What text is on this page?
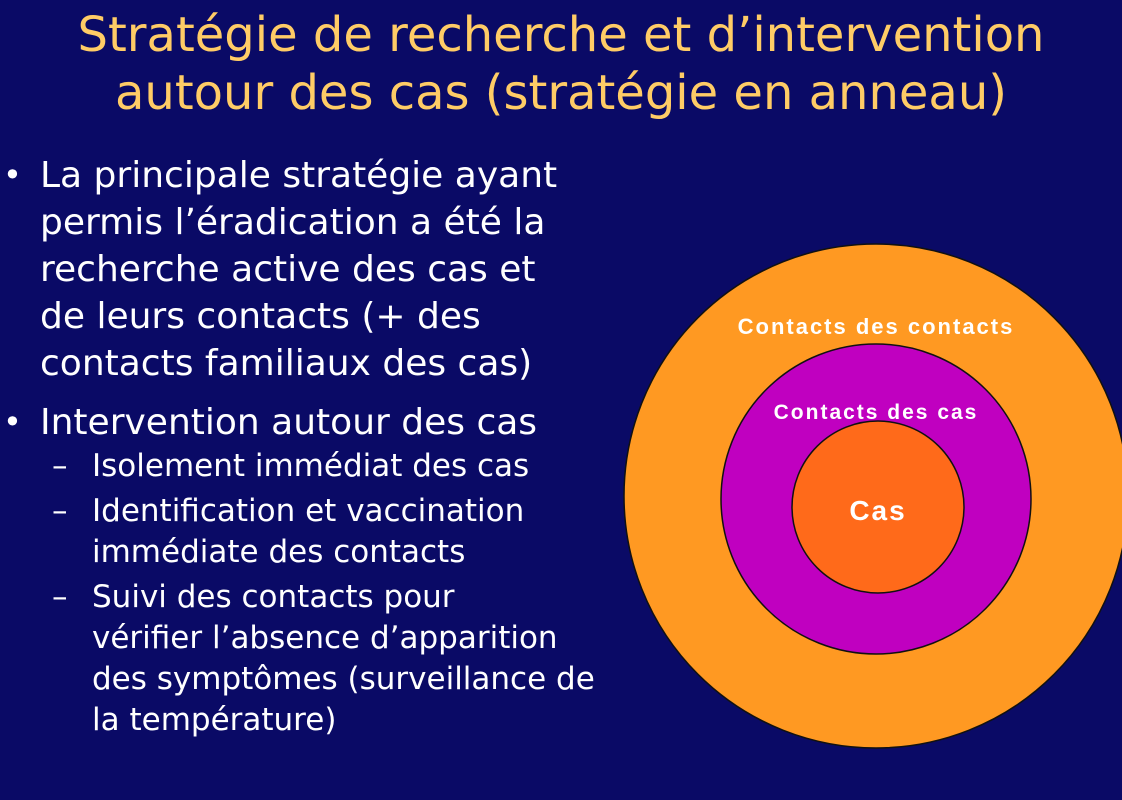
Stratégie de recherche et d’intervention
autour des cas (stratégie en anneau)
• La principale stratégie ayant
permis l’éradication a été la
recherche active des cas et
de leurs contacts (+ des
contacts familiaux des cas)
• Intervention autour des cas
– Isolement immédiat des cas
– Identification et vaccination
immédiate des contacts
– Suivi des contacts pour
vérifier l’absence d’apparition
des symptômes (surveillance de
la température)
Contacts des contacts
Contacts des cas
Cas
